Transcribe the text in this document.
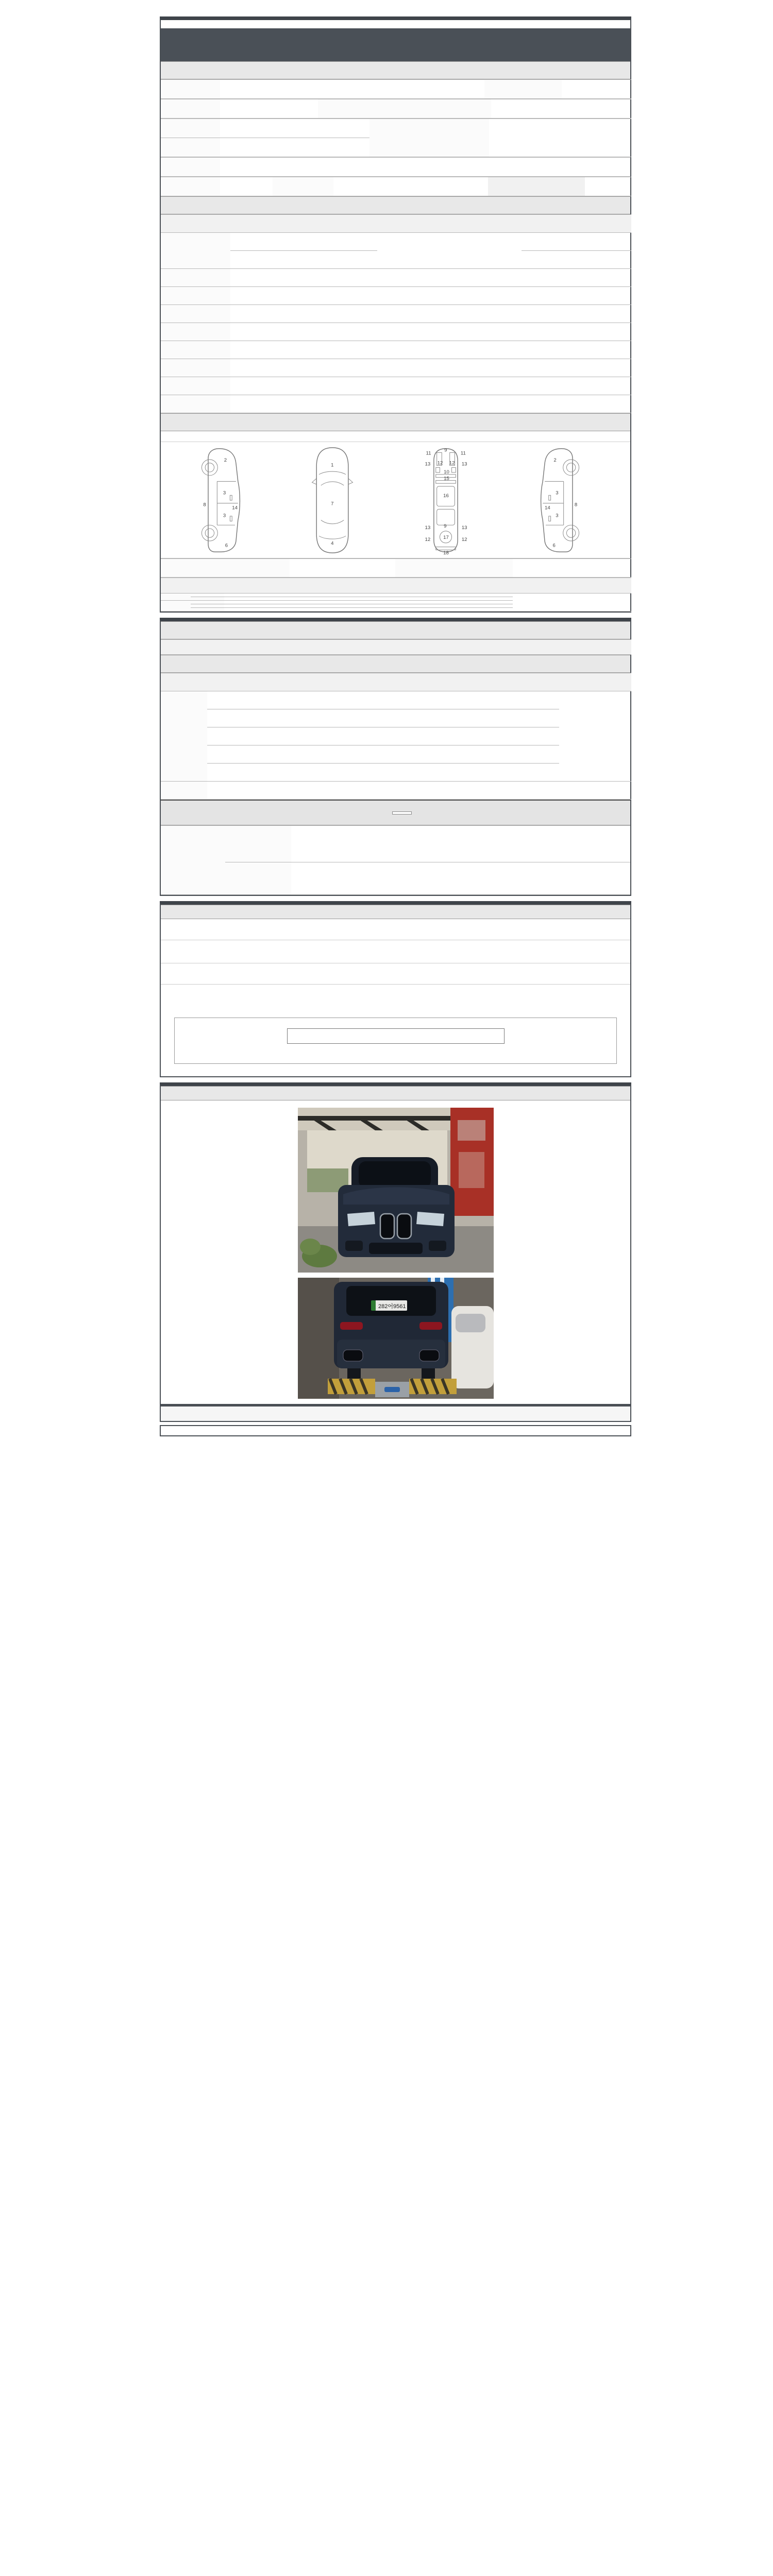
2
8
3
14
3
6
1
7
4
11	11
13	13
12 12
9
10
15
16
13	13
12	12
9
17
18
2
8
3
14
3
6

282어9561
